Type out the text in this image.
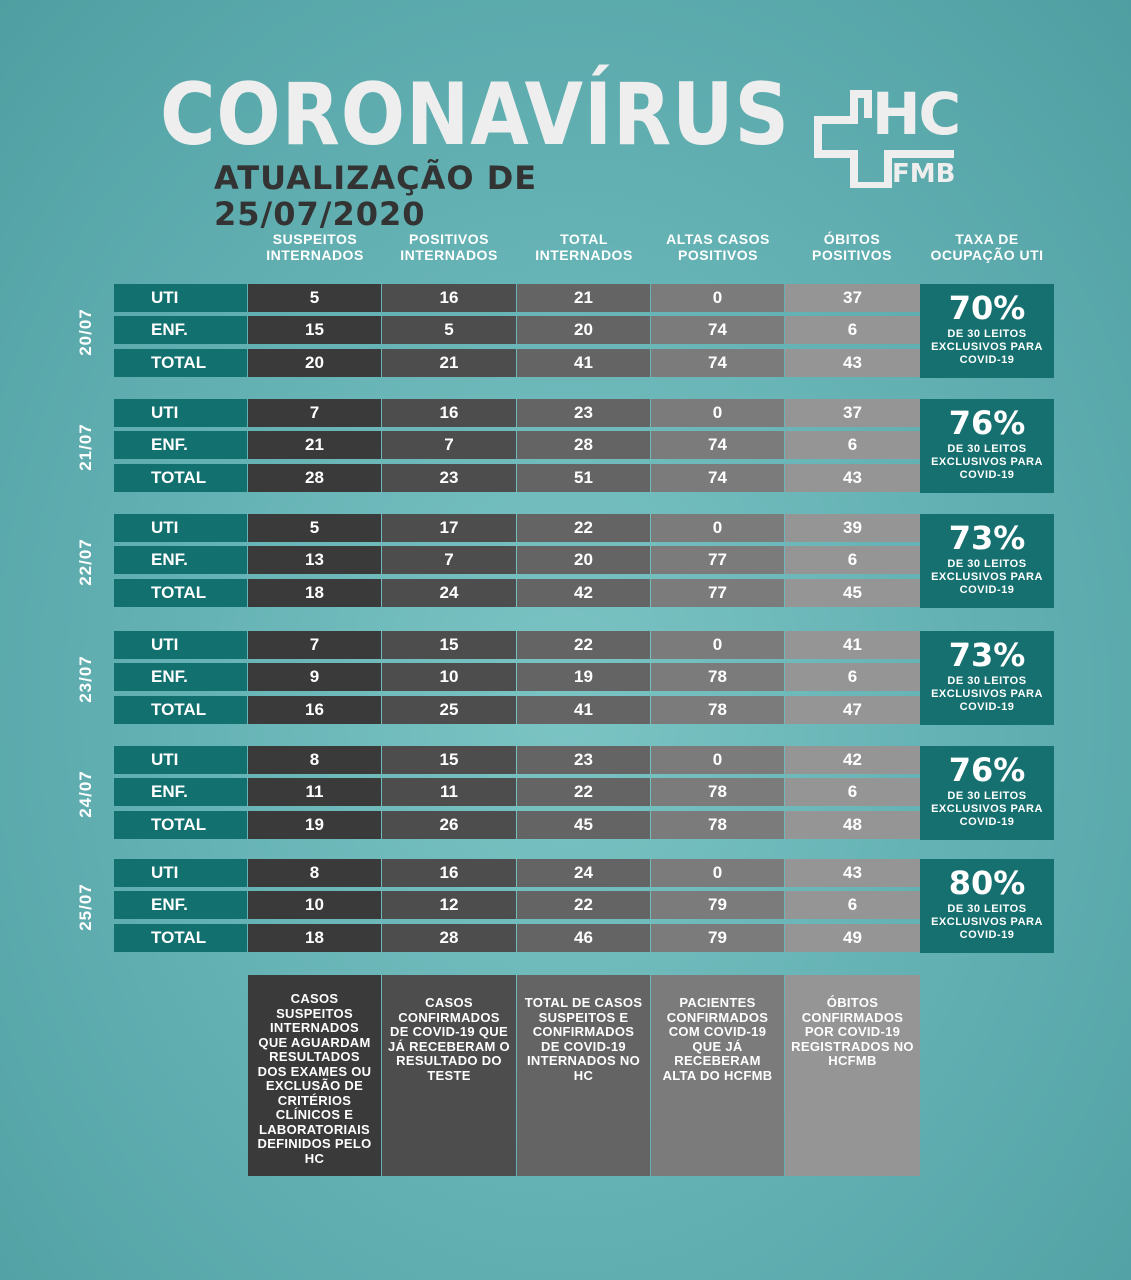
CORONAVÍRUS
ATUALIZAÇÃO DE 25/07/2020
HC
FMB
SUSPEITOS INTERNADOS
POSITIVOS INTERNADOS
TOTAL INTERNADOS
ALTAS CASOS POSITIVOS
ÓBITOS POSITIVOS
TAXA DE OCUPAÇÃO UTI
20/07
UTI	5	16	21	0	37
ENF.	15	5	20	74	6
TOTAL	20	21	41	74	43
70%
DE 30 LEITOS EXCLUSIVOS PARA COVID-19
21/07
UTI	7	16	23	0	37
ENF.	21	7	28	74	6
TOTAL	28	23	51	74	43
76%
DE 30 LEITOS EXCLUSIVOS PARA COVID-19
22/07
UTI	5	17	22	0	39
ENF.	13	7	20	77	6
TOTAL	18	24	42	77	45
73%
DE 30 LEITOS EXCLUSIVOS PARA COVID-19
23/07
UTI	7	15	22	0	41
ENF.	9	10	19	78	6
TOTAL	16	25	41	78	47
73%
DE 30 LEITOS EXCLUSIVOS PARA COVID-19
24/07
UTI	8	15	23	0	42
ENF.	11	11	22	78	6
TOTAL	19	26	45	78	48
76%
DE 30 LEITOS EXCLUSIVOS PARA COVID-19
25/07
UTI	8	16	24	0	43
ENF.	10	12	22	79	6
TOTAL	18	28	46	79	49
80%
DE 30 LEITOS EXCLUSIVOS PARA COVID-19
CASOS SUSPEITOS INTERNADOS QUE AGUARDAM RESULTADOS DOS EXAMES OU EXCLUSÃO DE CRITÉRIOS CLÍNICOS E LABORATORIAIS DEFINIDOS PELO HC
CASOS CONFIRMADOS DE COVID-19 QUE JÁ RECEBERAM O RESULTADO DO TESTE
TOTAL DE CASOS SUSPEITOS E CONFIRMADOS DE COVID-19 INTERNADOS NO HC
PACIENTES CONFIRMADOS COM COVID-19 QUE JÁ RECEBERAM ALTA DO HCFMB
ÓBITOS CONFIRMADOS POR COVID-19 REGISTRADOS NO HCFMB
